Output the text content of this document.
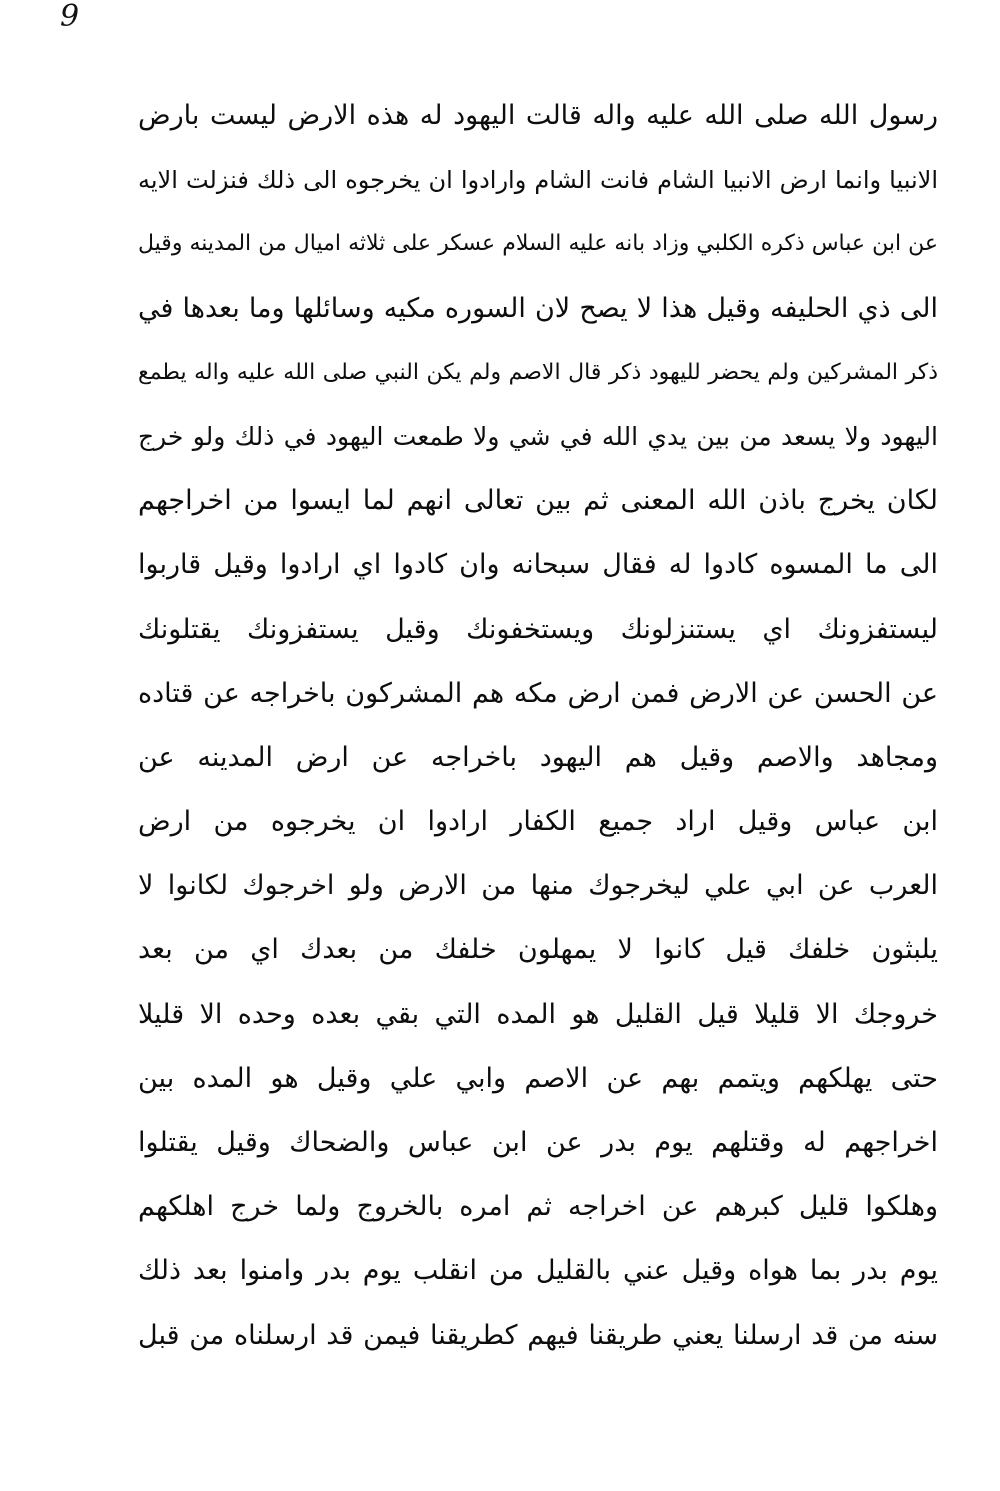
9
رسول الله صلى الله عليه واله قالت اليهود له هذه الارض ليست بارض
الانبيا وانما ارض الانبيا الشام فانت الشام وارادوا ان يخرجوه الى ذلك فنزلت الايه
عن ابن عباس ذكره الكلبي وزاد بانه عليه السلام عسكر على ثلاثه اميال من المدينه وقيل
الى ذي الحليفه وقيل هذا لا يصح لان السوره مكيه وسائلها وما بعدها في
ذكر المشركين ولم يحضر لليهود ذكر قال الاصم ولم يكن النبي صلى الله عليه واله يطمع
اليهود ولا يسعد من بين يدي الله في شي ولا طمعت اليهود في ذلك ولو خرج
لكان يخرج باذن الله المعنى ثم بين تعالى انهم لما ايسوا من اخراجهم
الى ما المسوه كادوا له فقال سبحانه وان كادوا اي ارادوا وقيل قاربوا
ليستفزونك اي يستنزلونك ويستخفونك وقيل يستفزونك يقتلونك
عن الحسن عن الارض فمن ارض مكه هم المشركون باخراجه عن قتاده
ومجاهد والاصم وقيل هم اليهود باخراجه عن ارض المدينه عن
ابن عباس وقيل اراد جميع الكفار ارادوا ان يخرجوه من ارض
العرب عن ابي علي ليخرجوك منها من الارض ولو اخرجوك لكانوا لا
يلبثون خلفك قيل كانوا لا يمهلون خلفك من بعدك اي من بعد
خروجك الا قليلا قيل القليل هو المده التي بقي بعده وحده الا قليلا
حتى يهلكهم ويتمم بهم عن الاصم وابي علي وقيل هو المده بين
اخراجهم له وقتلهم يوم بدر عن ابن عباس والضحاك وقيل يقتلوا
وهلكوا قليل كبرهم عن اخراجه ثم امره بالخروج ولما خرج اهلكهم
يوم بدر بما هواه وقيل عني بالقليل من انقلب يوم بدر وامنوا بعد ذلك
سنه من قد ارسلنا يعني طريقنا فيهم كطريقنا فيمن قد ارسلناه من قبل
